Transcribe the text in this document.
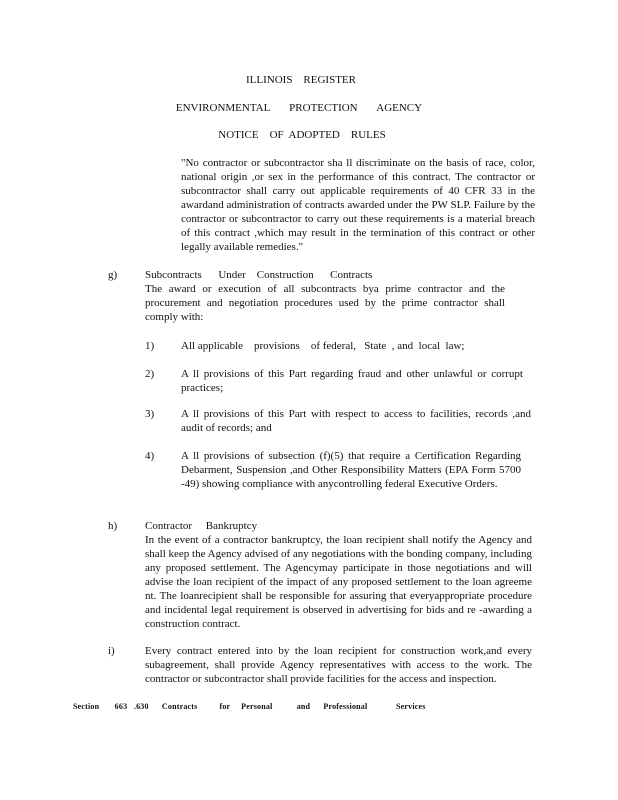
ILLINOIS    REGISTER
ENVIRONMENTAL       PROTECTION       AGENCY
NOTICE    OF  ADOPTED    RULES
"No contractor or subcontractor sha ll discriminate on the basis of race, color, national origin ,or sex in the performance of this contract. The contractor or subcontractor shall carry out applicable requirements of 40 CFR 33 in the awardand administration of contracts awarded under the PW SLP. Failure by the contractor or subcontractor to carry out these requirements is a material breach of this contract ,which may result in the termination of this contract or other legally available remedies."
g)	Subcontracts      Under    Construction      Contracts
The award or execution of all subcontracts bya prime contractor and the procurement and negotiation procedures used by the prime contractor shall comply with:
1) All applicable    provisions    of federal,   State  , and  local  law;
2) A ll provisions of this Part regarding fraud and other unlawful or corrupt practices;
3) A ll provisions of this Part with respect to access to facilities, records ,and audit of records; and
4) A ll provisions of subsection (f)(5) that require a Certification Regarding Debarment, Suspension ,and Other Responsibility Matters (EPA Form 5700 -49) showing compliance with anycontrolling federal Executive Orders.
h)	Contractor     Bankruptcy
In the event of a contractor bankruptcy, the loan recipient shall notify the Agency and shall keep the Agency advised of any negotiations with the bonding company, including any proposed settlement. The Agencymay participate in those negotiations and will advise the loan recipient of the impact of any proposed settlement to the loan agreeme nt. The loanrecipient shall be responsible for assuring that everyappropriate procedure and incidental legal requirement is observed in advertising for bids and re -awarding a construction contract.
i)	Every contract entered into by the loan recipient for construction work,and every subagreement, shall provide Agency representatives with access to the work. The contractor or subcontractor shall provide facilities for the access and inspection.
Section       663   .630      Contracts          for     Personal           and      Professional             Services
